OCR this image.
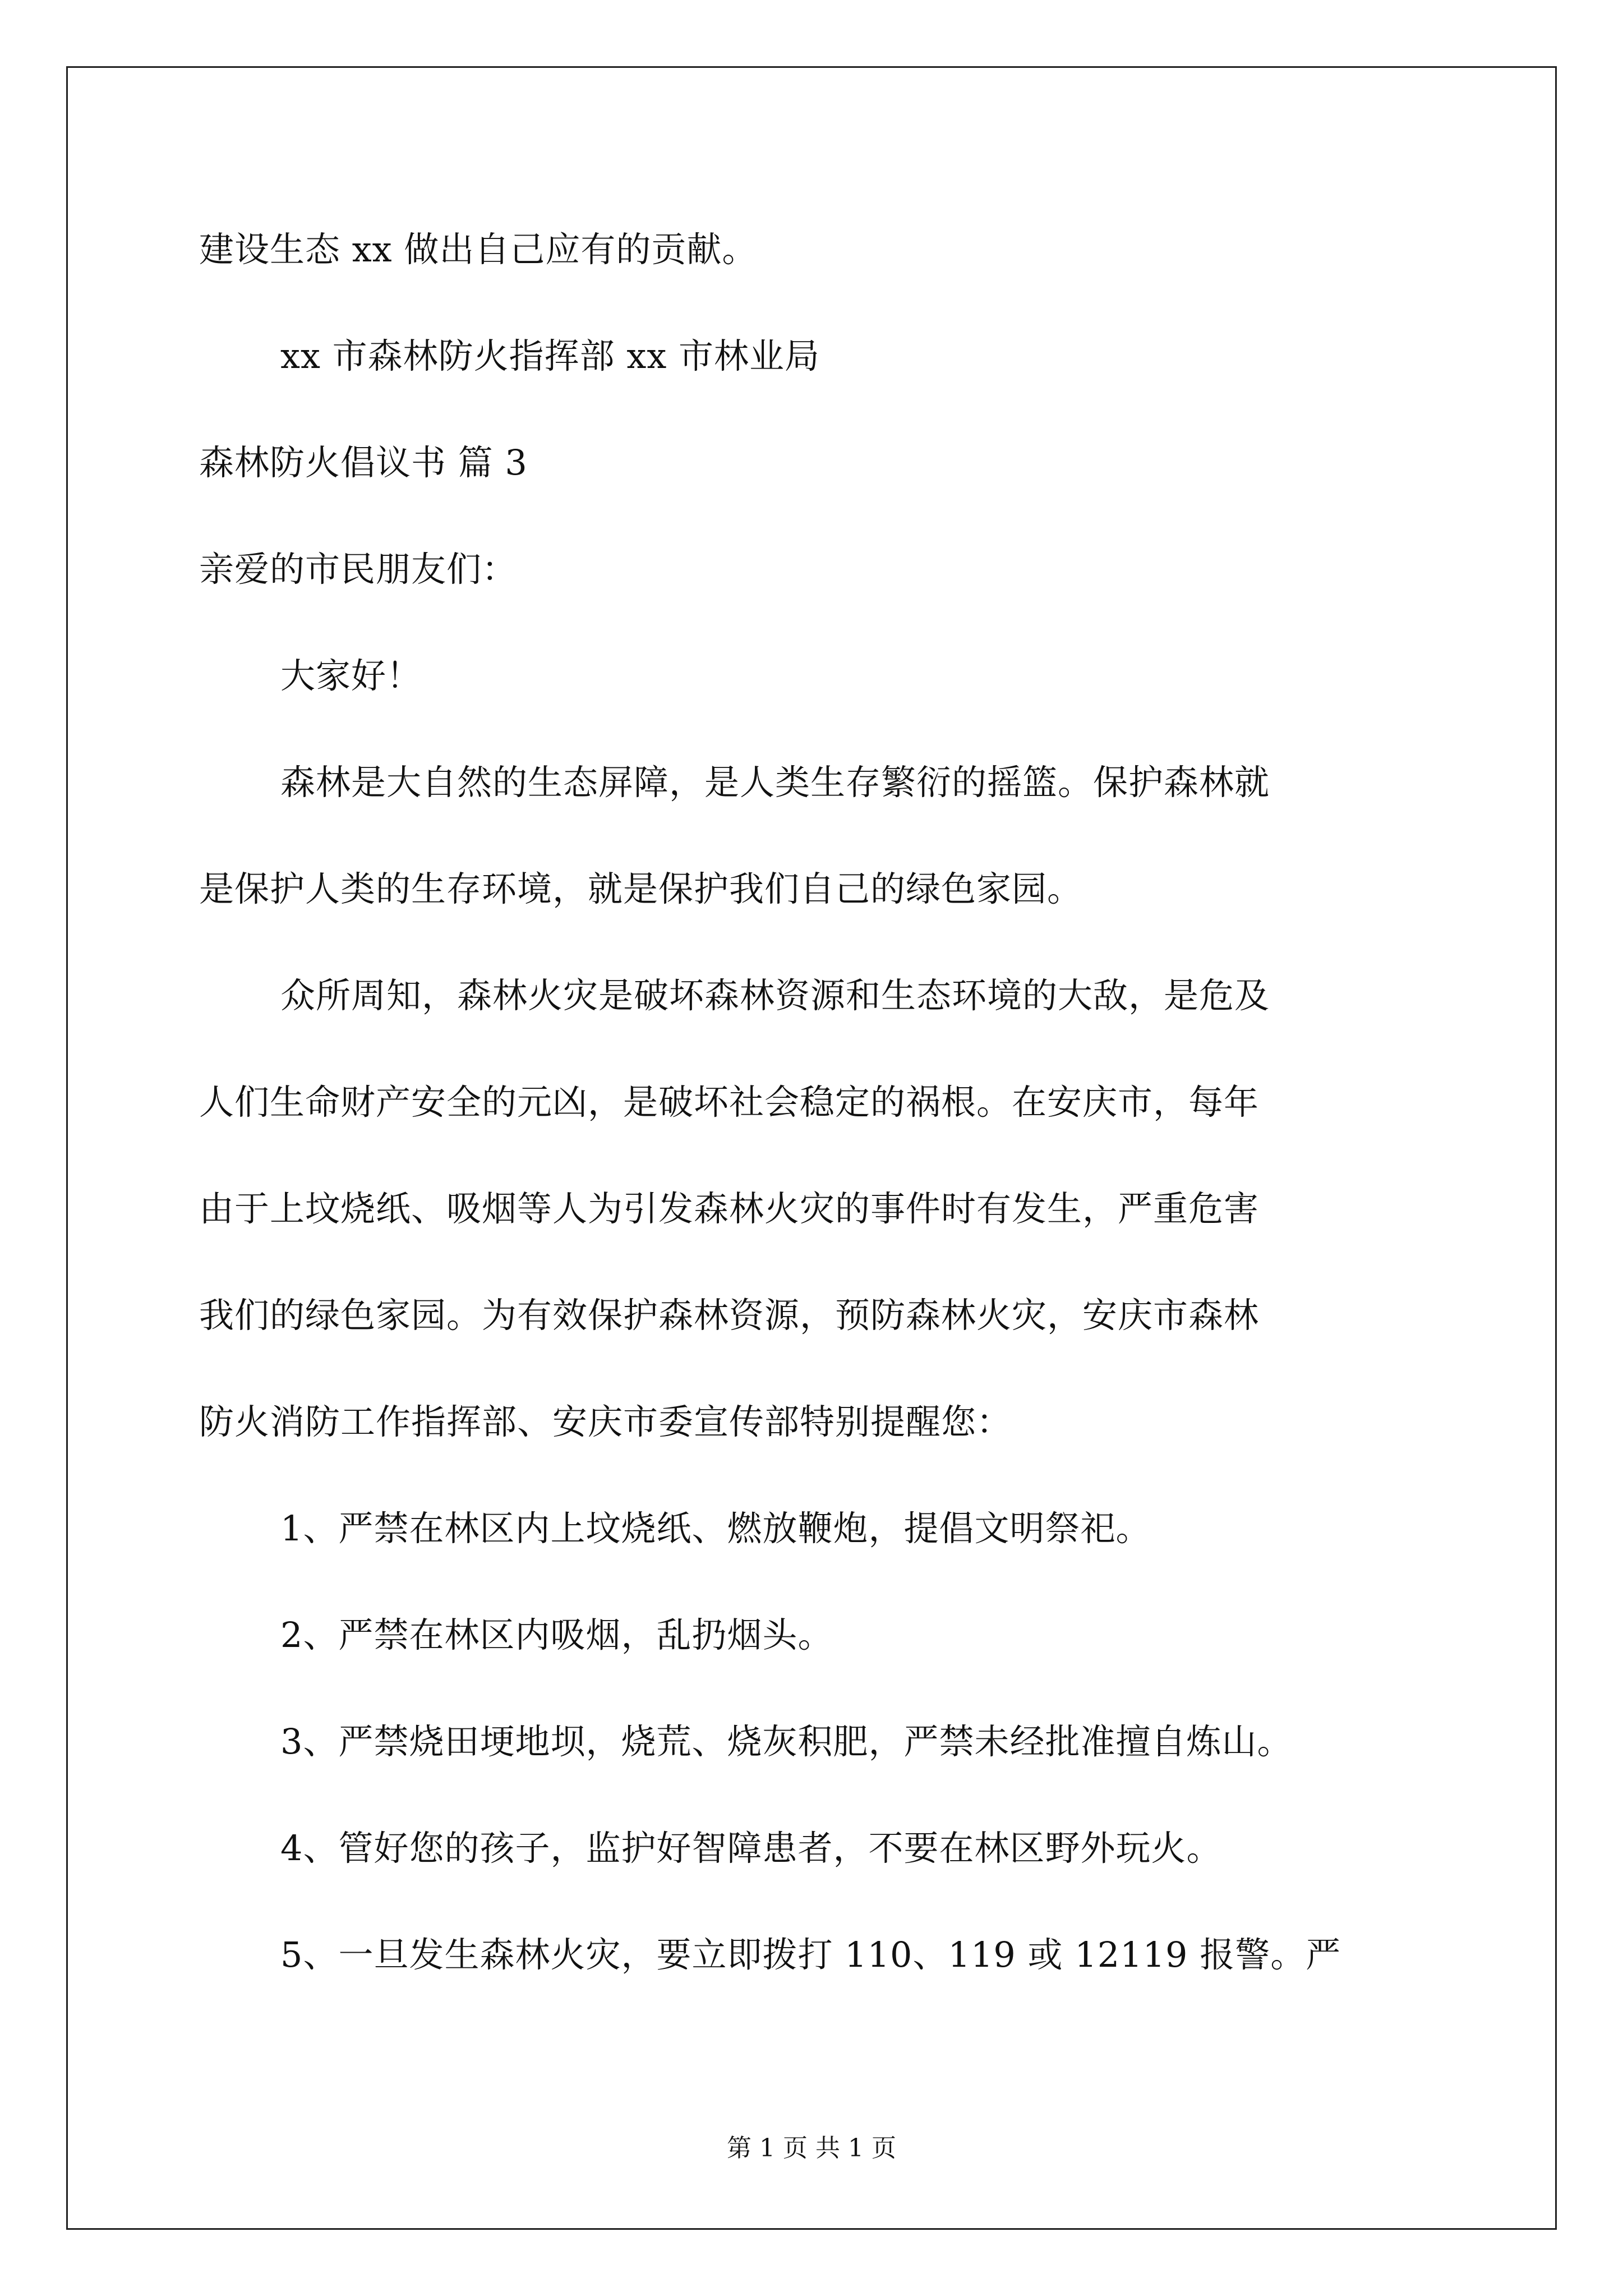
建设生态 xx 做出自己应有的贡献。
xx 市森林防火指挥部 xx 市林业局
森林防火倡议书 篇 3
亲爱的市民朋友们：
大家好！
森林是大自然的生态屏障，是人类生存繁衍的摇篮。保护森林就
是保护人类的生存环境，就是保护我们自己的绿色家园。
众所周知，森林火灾是破坏森林资源和生态环境的大敌，是危及
人们生命财产安全的元凶，是破坏社会稳定的祸根。在安庆市，每年
由于上坟烧纸、吸烟等人为引发森林火灾的事件时有发生，严重危害
我们的绿色家园。为有效保护森林资源，预防森林火灾，安庆市森林
防火消防工作指挥部、安庆市委宣传部特别提醒您：
1、严禁在林区内上坟烧纸、燃放鞭炮，提倡文明祭祀。
2、严禁在林区内吸烟，乱扔烟头。
3、严禁烧田埂地坝，烧荒、烧灰积肥，严禁未经批准擅自炼山。
4、管好您的孩子，监护好智障患者，不要在林区野外玩火。
5、一旦发生森林火灾，要立即拨打 110、119 或 12119 报警。严
第 1 页 共 1 页
